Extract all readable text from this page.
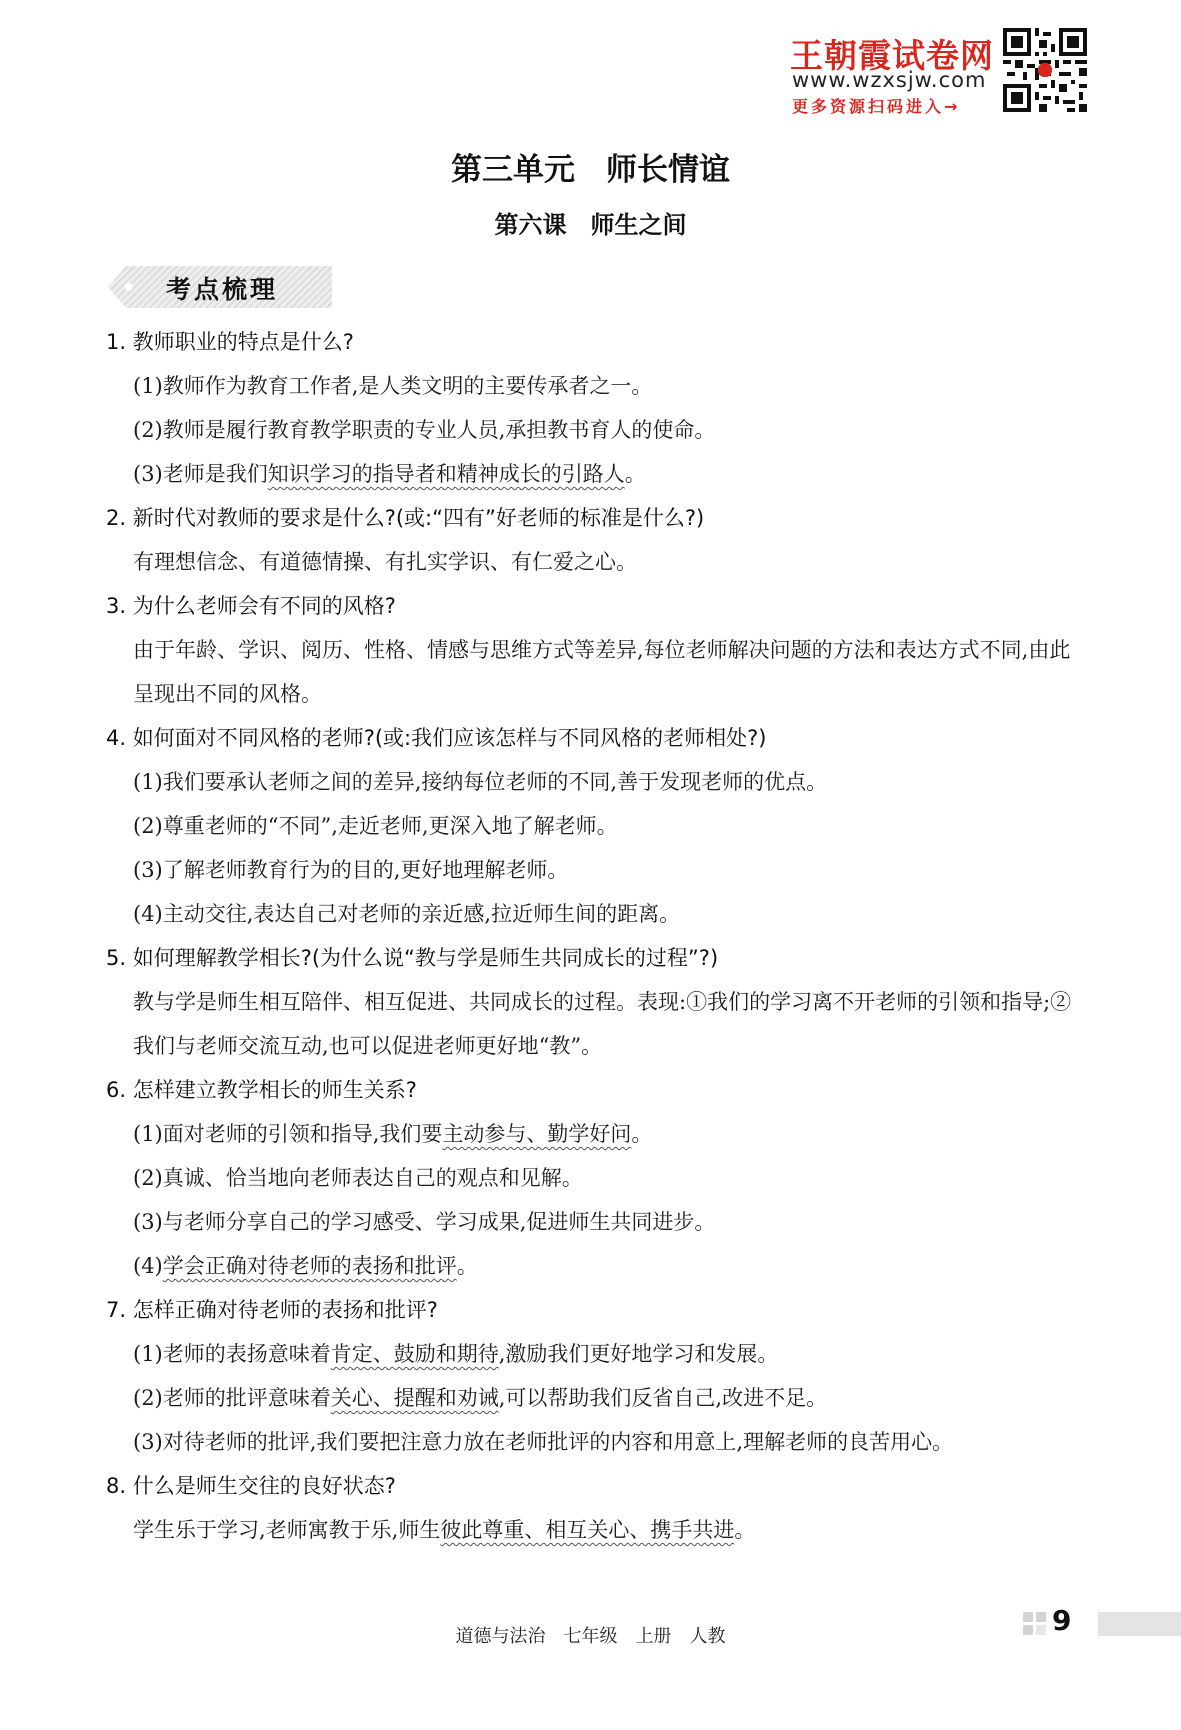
王朝霞试卷网
www.wzxsjw.com
更多资源扫码进入→
第三单元　师长情谊
第六课　师生之间
考点梳理
1. 教师职业的特点是什么?
(1)教师作为教育工作者,是人类文明的主要传承者之一。
(2)教师是履行教育教学职责的专业人员,承担教书育人的使命。
(3)老师是我们知识学习的指导者和精神成长的引路人。
2. 新时代对教师的要求是什么?(或:“四有”好老师的标准是什么?)
有理想信念、有道德情操、有扎实学识、有仁爱之心。
3. 为什么老师会有不同的风格?
由于年龄、学识、阅历、性格、情感与思维方式等差异,每位老师解决问题的方法和表达方式不同,由此呈现出不同的风格。
4. 如何面对不同风格的老师?(或:我们应该怎样与不同风格的老师相处?)
(1)我们要承认老师之间的差异,接纳每位老师的不同,善于发现老师的优点。
(2)尊重老师的“不同”,走近老师,更深入地了解老师。
(3)了解老师教育行为的目的,更好地理解老师。
(4)主动交往,表达自己对老师的亲近感,拉近师生间的距离。
5. 如何理解教学相长?(为什么说“教与学是师生共同成长的过程”?)
教与学是师生相互陪伴、相互促进、共同成长的过程。表现:①我们的学习离不开老师的引领和指导;②我们与老师交流互动,也可以促进老师更好地“教”。
6. 怎样建立教学相长的师生关系?
(1)面对老师的引领和指导,我们要主动参与、勤学好问。
(2)真诚、恰当地向老师表达自己的观点和见解。
(3)与老师分享自己的学习感受、学习成果,促进师生共同进步。
(4)学会正确对待老师的表扬和批评。
7. 怎样正确对待老师的表扬和批评?
(1)老师的表扬意味着肯定、鼓励和期待,激励我们更好地学习和发展。
(2)老师的批评意味着关心、提醒和劝诫,可以帮助我们反省自己,改进不足。
(3)对待老师的批评,我们要把注意力放在老师批评的内容和用意上,理解老师的良苦用心。
8. 什么是师生交往的良好状态?
学生乐于学习,老师寓教于乐,师生彼此尊重、相互关心、携手共进。
道德与法治　七年级　上册　人教	9
